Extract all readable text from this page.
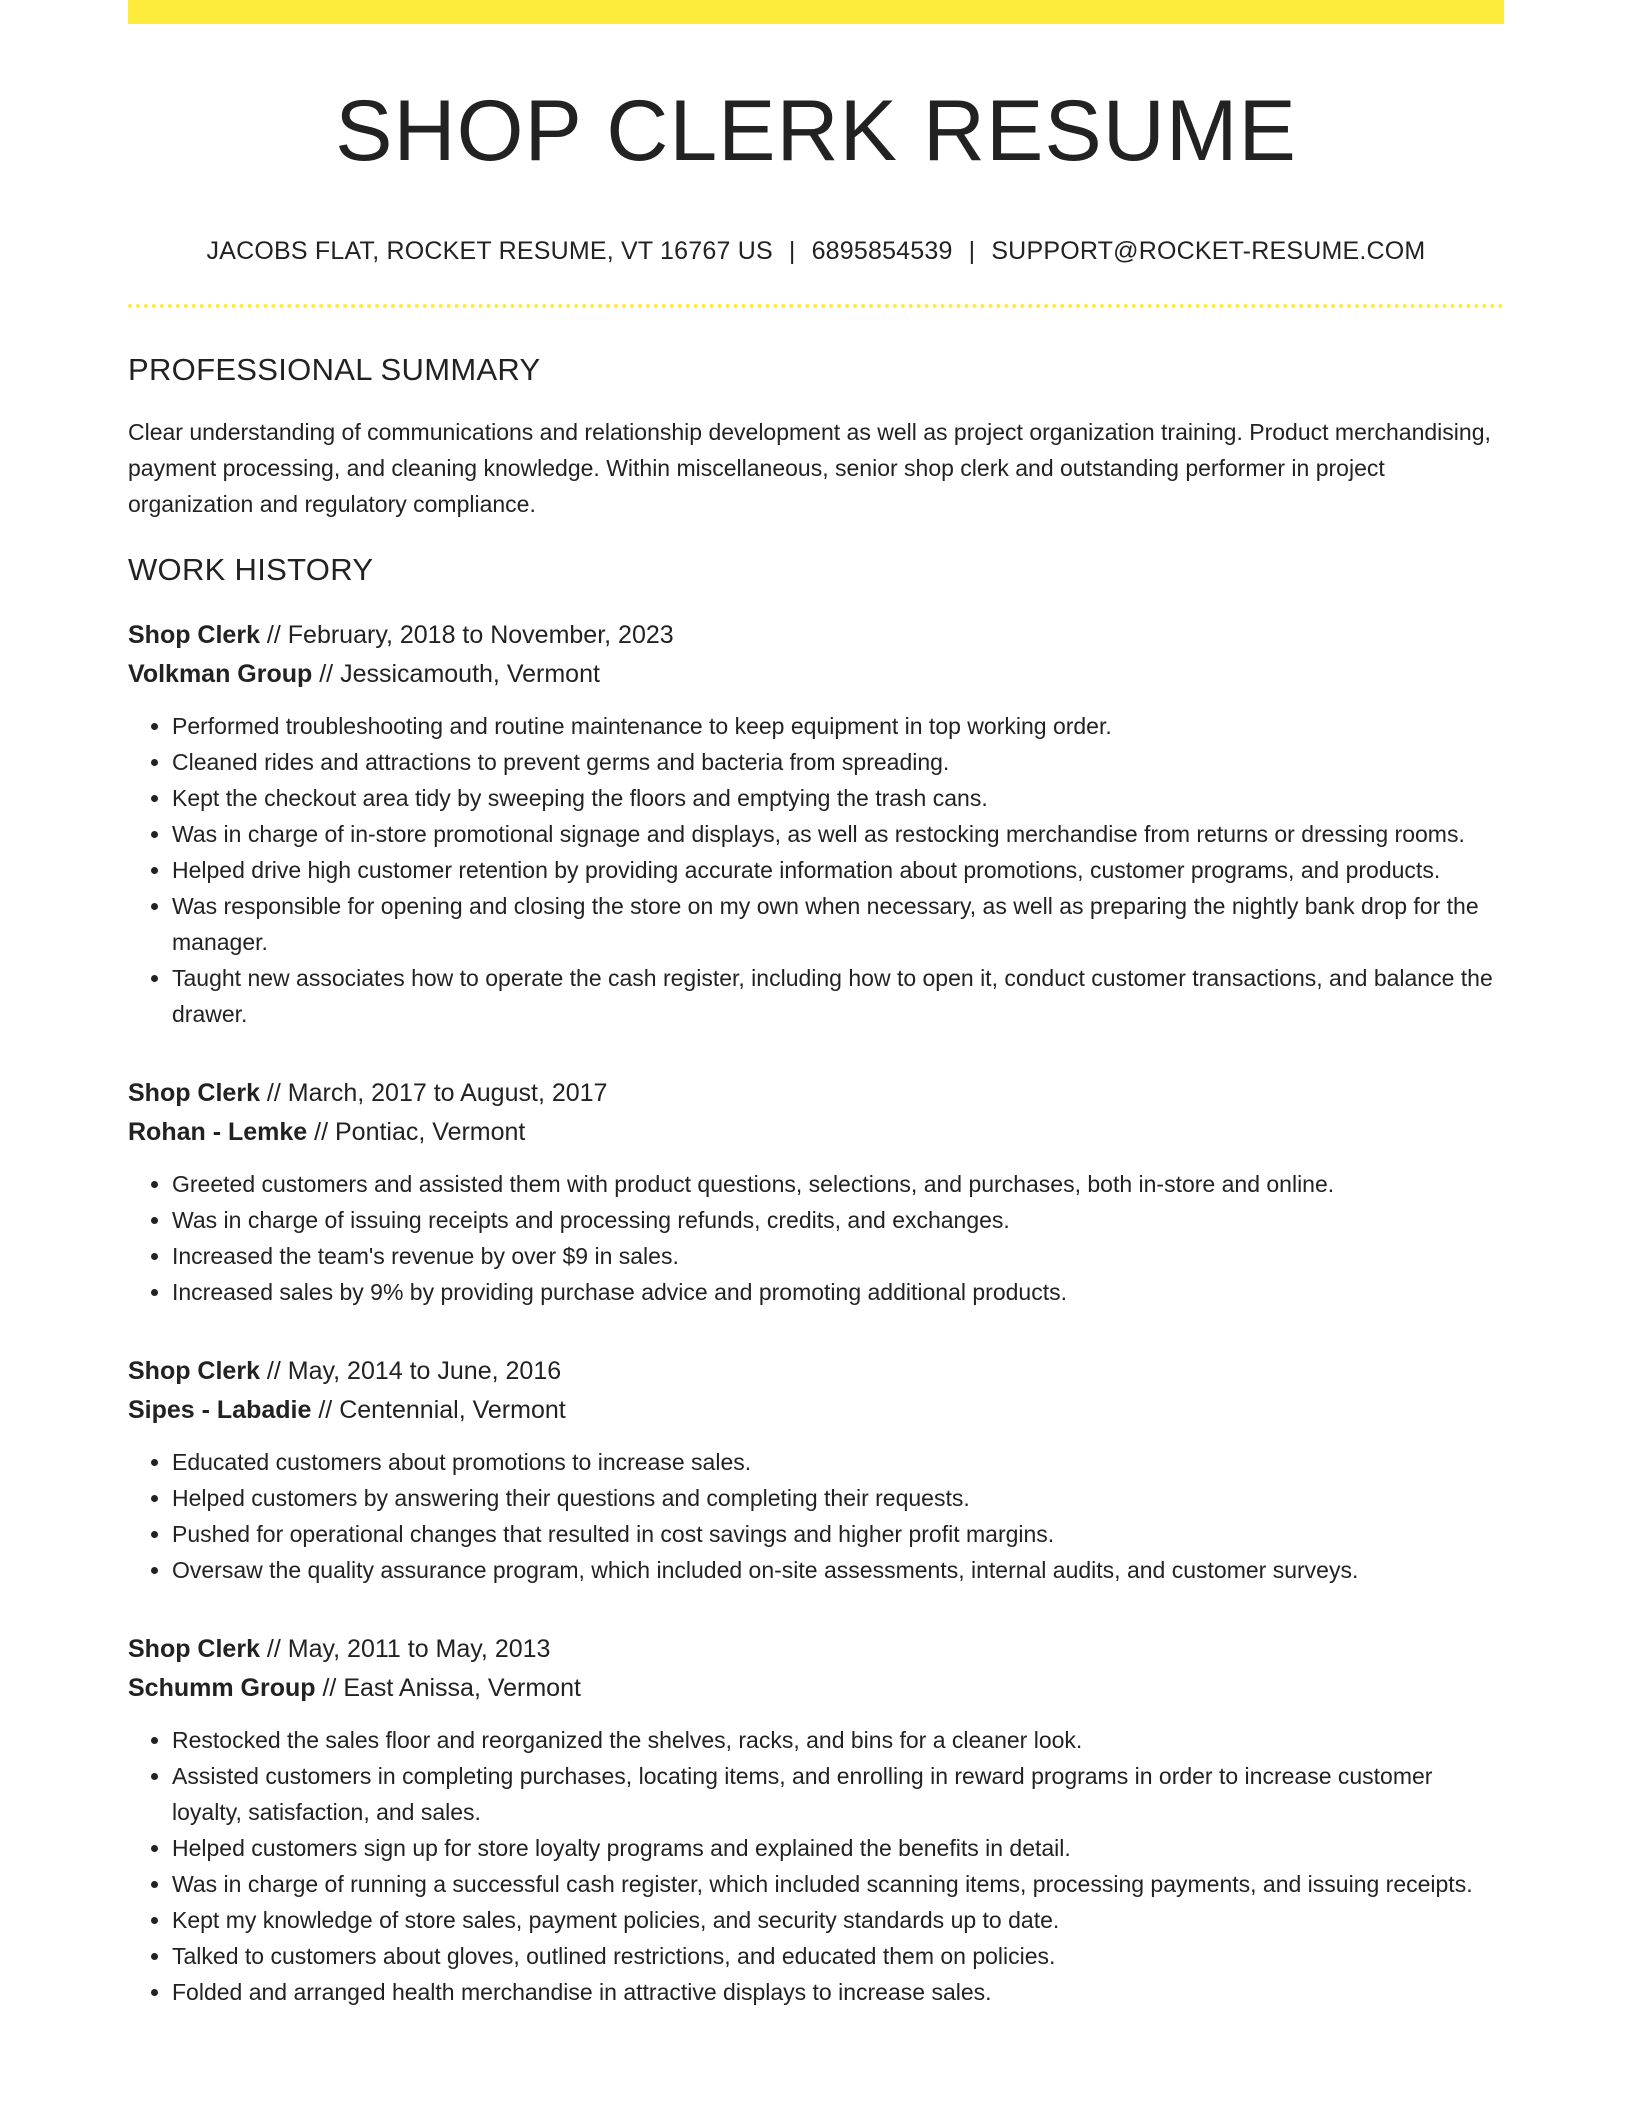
SHOP CLERK RESUME
JACOBS FLAT, ROCKET RESUME, VT 16767 US | 6895854539 | SUPPORT@ROCKET-RESUME.COM
PROFESSIONAL SUMMARY

Clear understanding of communications and relationship development as well as project organization training. Product merchandising, payment processing, and cleaning knowledge. Within miscellaneous, senior shop clerk and outstanding performer in project organization and regulatory compliance.

WORK HISTORY
Shop Clerk // February, 2018 to November, 2023
Volkman Group // Jessicamouth, Vermont
• Performed troubleshooting and routine maintenance to keep equipment in top working order.
• Cleaned rides and attractions to prevent germs and bacteria from spreading.
• Kept the checkout area tidy by sweeping the floors and emptying the trash cans.
• Was in charge of in-store promotional signage and displays, as well as restocking merchandise from returns or dressing rooms.
• Helped drive high customer retention by providing accurate information about promotions, customer programs, and products.
• Was responsible for opening and closing the store on my own when necessary, as well as preparing the nightly bank drop for the manager.
• Taught new associates how to operate the cash register, including how to open it, conduct customer transactions, and balance the drawer.
Shop Clerk // March, 2017 to August, 2017
Rohan - Lemke // Pontiac, Vermont
• Greeted customers and assisted them with product questions, selections, and purchases, both in-store and online.
• Was in charge of issuing receipts and processing refunds, credits, and exchanges.
• Increased the team's revenue by over $9 in sales.
• Increased sales by 9% by providing purchase advice and promoting additional products.
Shop Clerk // May, 2014 to June, 2016
Sipes - Labadie // Centennial, Vermont
• Educated customers about promotions to increase sales.
• Helped customers by answering their questions and completing their requests.
• Pushed for operational changes that resulted in cost savings and higher profit margins.
• Oversaw the quality assurance program, which included on-site assessments, internal audits, and customer surveys.
Shop Clerk // May, 2011 to May, 2013
Schumm Group // East Anissa, Vermont
• Restocked the sales floor and reorganized the shelves, racks, and bins for a cleaner look.
• Assisted customers in completing purchases, locating items, and enrolling in reward programs in order to increase customer loyalty, satisfaction, and sales.
• Helped customers sign up for store loyalty programs and explained the benefits in detail.
• Was in charge of running a successful cash register, which included scanning items, processing payments, and issuing receipts.
• Kept my knowledge of store sales, payment policies, and security standards up to date.
• Talked to customers about gloves, outlined restrictions, and educated them on policies.
• Folded and arranged health merchandise in attractive displays to increase sales.
